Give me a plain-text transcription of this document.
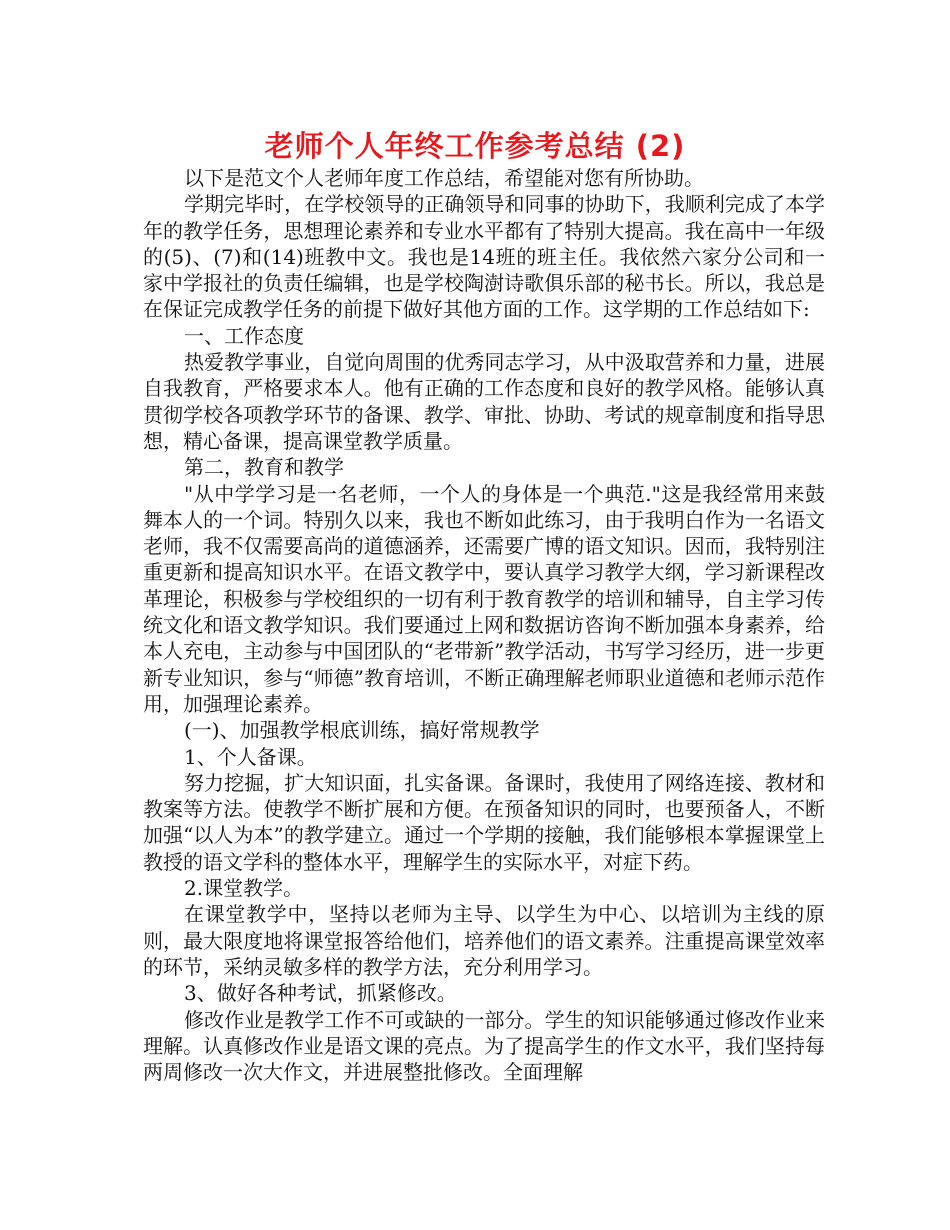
老师个人年终工作参考总结 (2)

以下是范文个人老师年度工作总结，希望能对您有所协助。

学期完毕时，在学校领导的正确领导和同事的协助下，我顺利完成了本学年的教学任务，思想理论素养和专业水平都有了特别大提高。我在高中一年级的(5)、(7)和(14)班教中文。我也是14班的班主任。我依然六家分公司和一家中学报社的负责任编辑，也是学校陶澍诗歌俱乐部的秘书长。所以，我总是在保证完成教学任务的前提下做好其他方面的工作。这学期的工作总结如下:

一、工作态度

热爱教学事业，自觉向周围的优秀同志学习，从中汲取营养和力量，进展自我教育，严格要求本人。他有正确的工作态度和良好的教学风格。能够认真贯彻学校各项教学环节的备课、教学、审批、协助、考试的规章制度和指导思想，精心备课，提高课堂教学质量。

第二，教育和教学

"从中学学习是一名老师，一个人的身体是一个典范."这是我经常用来鼓舞本人的一个词。特别久以来，我也不断如此练习，由于我明白作为一名语文老师，我不仅需要高尚的道德涵养，还需要广博的语文知识。因而，我特别注重更新和提高知识水平。在语文教学中，要认真学习教学大纲，学习新课程改革理论，积极参与学校组织的一切有利于教育教学的培训和辅导，自主学习传统文化和语文教学知识。我们要通过上网和数据访咨询不断加强本身素养，给本人充电，主动参与中国团队的“老带新”教学活动，书写学习经历，进一步更新专业知识，参与“师德”教育培训，不断正确理解老师职业道德和老师示范作用，加强理论素养。

(一)、加强教学根底训练，搞好常规教学

1、个人备课。

努力挖掘，扩大知识面，扎实备课。备课时，我使用了网络连接、教材和教案等方法。使教学不断扩展和方便。在预备知识的同时，也要预备人，不断加强“以人为本”的教学建立。通过一个学期的接触，我们能够根本掌握课堂上教授的语文学科的整体水平，理解学生的实际水平，对症下药。

2.课堂教学。

在课堂教学中，坚持以老师为主导、以学生为中心、以培训为主线的原则，最大限度地将课堂报答给他们，培养他们的语文素养。注重提高课堂效率的环节，采纳灵敏多样的教学方法，充分利用学习。

3、做好各种考试，抓紧修改。

修改作业是教学工作不可或缺的一部分。学生的知识能够通过修改作业来理解。认真修改作业是语文课的亮点。为了提高学生的作文水平，我们坚持每两周修改一次大作文，并进展整批修改。全面理解
